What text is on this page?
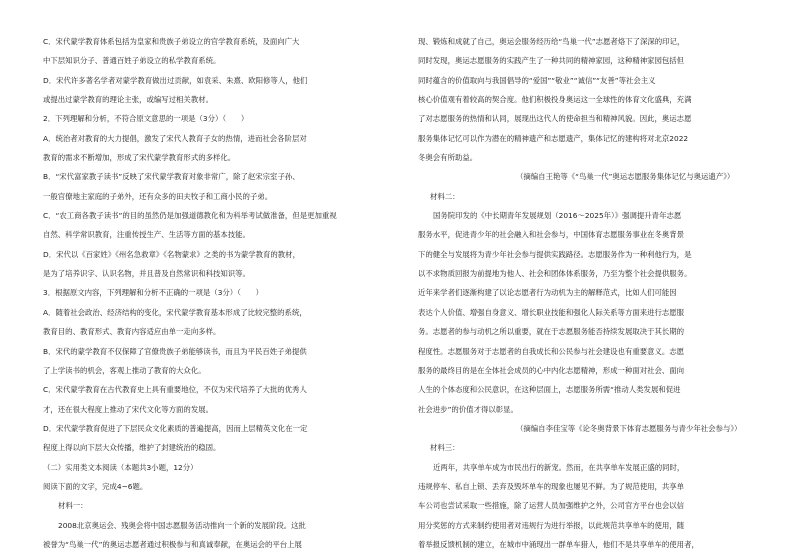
C．宋代蒙学教育体系包括为皇家和贵族子弟设立的官学教育系统，及面向广大
中下层知识分子、普通百姓子弟设立的私学教育系统。
D．宋代许多著名学者对蒙学教育做出过贡献，如袁采、朱熹、欧阳修等人，他们
或提出过蒙学教育的理论主张，或编写过相关教材。
2．下列理解和分析，不符合原文意思的一项是（3分）（　　）
A．统治者对教育的大力提倡，激发了宋代人教育子女的热情，进而社会各阶层对
教育的需求不断增加，形成了宋代蒙学教育形式的多样化。
B．“宋代富家教子读书”反映了宋代蒙学教育对象非常广，除了赵宋宗室子孙、
一般官僚地主家庭的子弟外，还有众多的田夫牧子和工商小民的子弟。
C．“农工商各教子读书”的目的虽然仍是加强道德教化和为科举考试做准备，但是更加重视
自然、科学常识教育，注重传授生产、生活等方面的基本技能。
D．宋代以《百家姓》《州名急救章》《名物蒙求》之类的书为蒙学教育的教材，
是为了培养识字、认识名物，并且普及自然常识和科技知识等。
3．根据原文内容，下列理解和分析不正确的一项是（3分）（　　）
A．随着社会政治、经济结构的变化，宋代蒙学教育基本形成了比较完整的系统，
教育目的、教育形式、教育内容适应由单一走向多样。
B．宋代的蒙学教育不仅保障了官僚贵族子弟能够读书，而且为平民百姓子弟提供
了上学读书的机会，客观上推动了教育的大众化。
C．宋代蒙学教育在古代教育史上具有重要地位，不仅为宋代培养了大批的优秀人
才，还在很大程度上推动了宋代文化等方面的发展。
D．宋代蒙学教育促进了下层民众文化素质的普遍提高，因而上层精英文化在一定
程度上得以向下层大众传播，维护了封建统治的稳固。
（二）实用类文本阅读（本题共3小题，12分）
阅读下面的文字，完成4~6题。
材料一：
2008北京奥运会、残奥会将中国志愿服务活动推向一个新的发展阶段。这批
被誉为“鸟巢一代”的奥运志愿者通过积极参与和真诚奉献，在奥运会的平台上展
现、锻炼和成就了自己，奥运会服务经历给“鸟巢一代”志愿者烙下了深深的印记，
同时发现，奥运志愿服务的实践产生了一种共同的精神家园，这种精神家园包括但
同时蕴含的价值取向与我国倡导的“爱国”“敬业”“诚信”“友善”等社会主义
核心价值观有着较高的契合度。他们积极投身奥运这一全球性的体育文化盛典，充满
了对志愿服务的热情和认同，展现出这代人的使命担当和精神风貌。因此，奥运志愿
服务集体记忆可以作为潜在的精神遗产和志愿遗产，集体记忆的建构将对北京2022
冬奥会有所助益。
（摘编自王艳等《“鸟巢一代”奥运志愿服务集体记忆与奥运遗产》）
材料二：
国务院印发的《中长期青年发展规划（2016～2025年）》强调提升青年志愿
服务水平，促进青少年的社会融入和社会参与，中国体育志愿服务事业在冬奥背景
下的健全与发展将为青少年社会参与提供实践路径。志愿服务作为一种利他行为，是
以不求物质回报为前提地为他人、社会和团体体系服务，乃至为整个社会提供服务。
近年来学者们逐渐构建了以论志愿者行为动机为主的解释范式，比如人们可能因
表达个人价值、增强自身意义、增长职业技能和强化人际关系等方面来进行志愿服
务。志愿者的参与动机之所以重要，就在于志愿服务能否持续发展取决于其长期的
程度性。志愿服务对于志愿者的自我成长和公民参与社会建设也有重要意义。志愿
服务的最终目的是在全体社会成员的心中内化志愿精神，形成一种面对社会、面向
人生的个体态度和公民意识，在这种层面上，志愿服务所需“推动人类发展和促进
社会进步”的价值才得以彰显。
（摘编自李佳宝等《论冬奥背景下体育志愿服务与青少年社会参与》）
材料三：
近两年，共享单车成为市民出行的新宠。然而，在共享单车发展正盛的同时，
违规停车、私自上锁、丢弃及毁坏单车的现象也屡见不鲜。为了规范使用，共享单
车公司也尝试采取一些措施，除了运营人员加强维护之外，公司官方平台也会以信
用分奖惩的方式来制约使用者对违规行为进行举报，以此规范共享单车的使用，随
着举报反馈机制的建立，在城市中涌现出一群单车猎人，他们不是共享单车的使用者，
